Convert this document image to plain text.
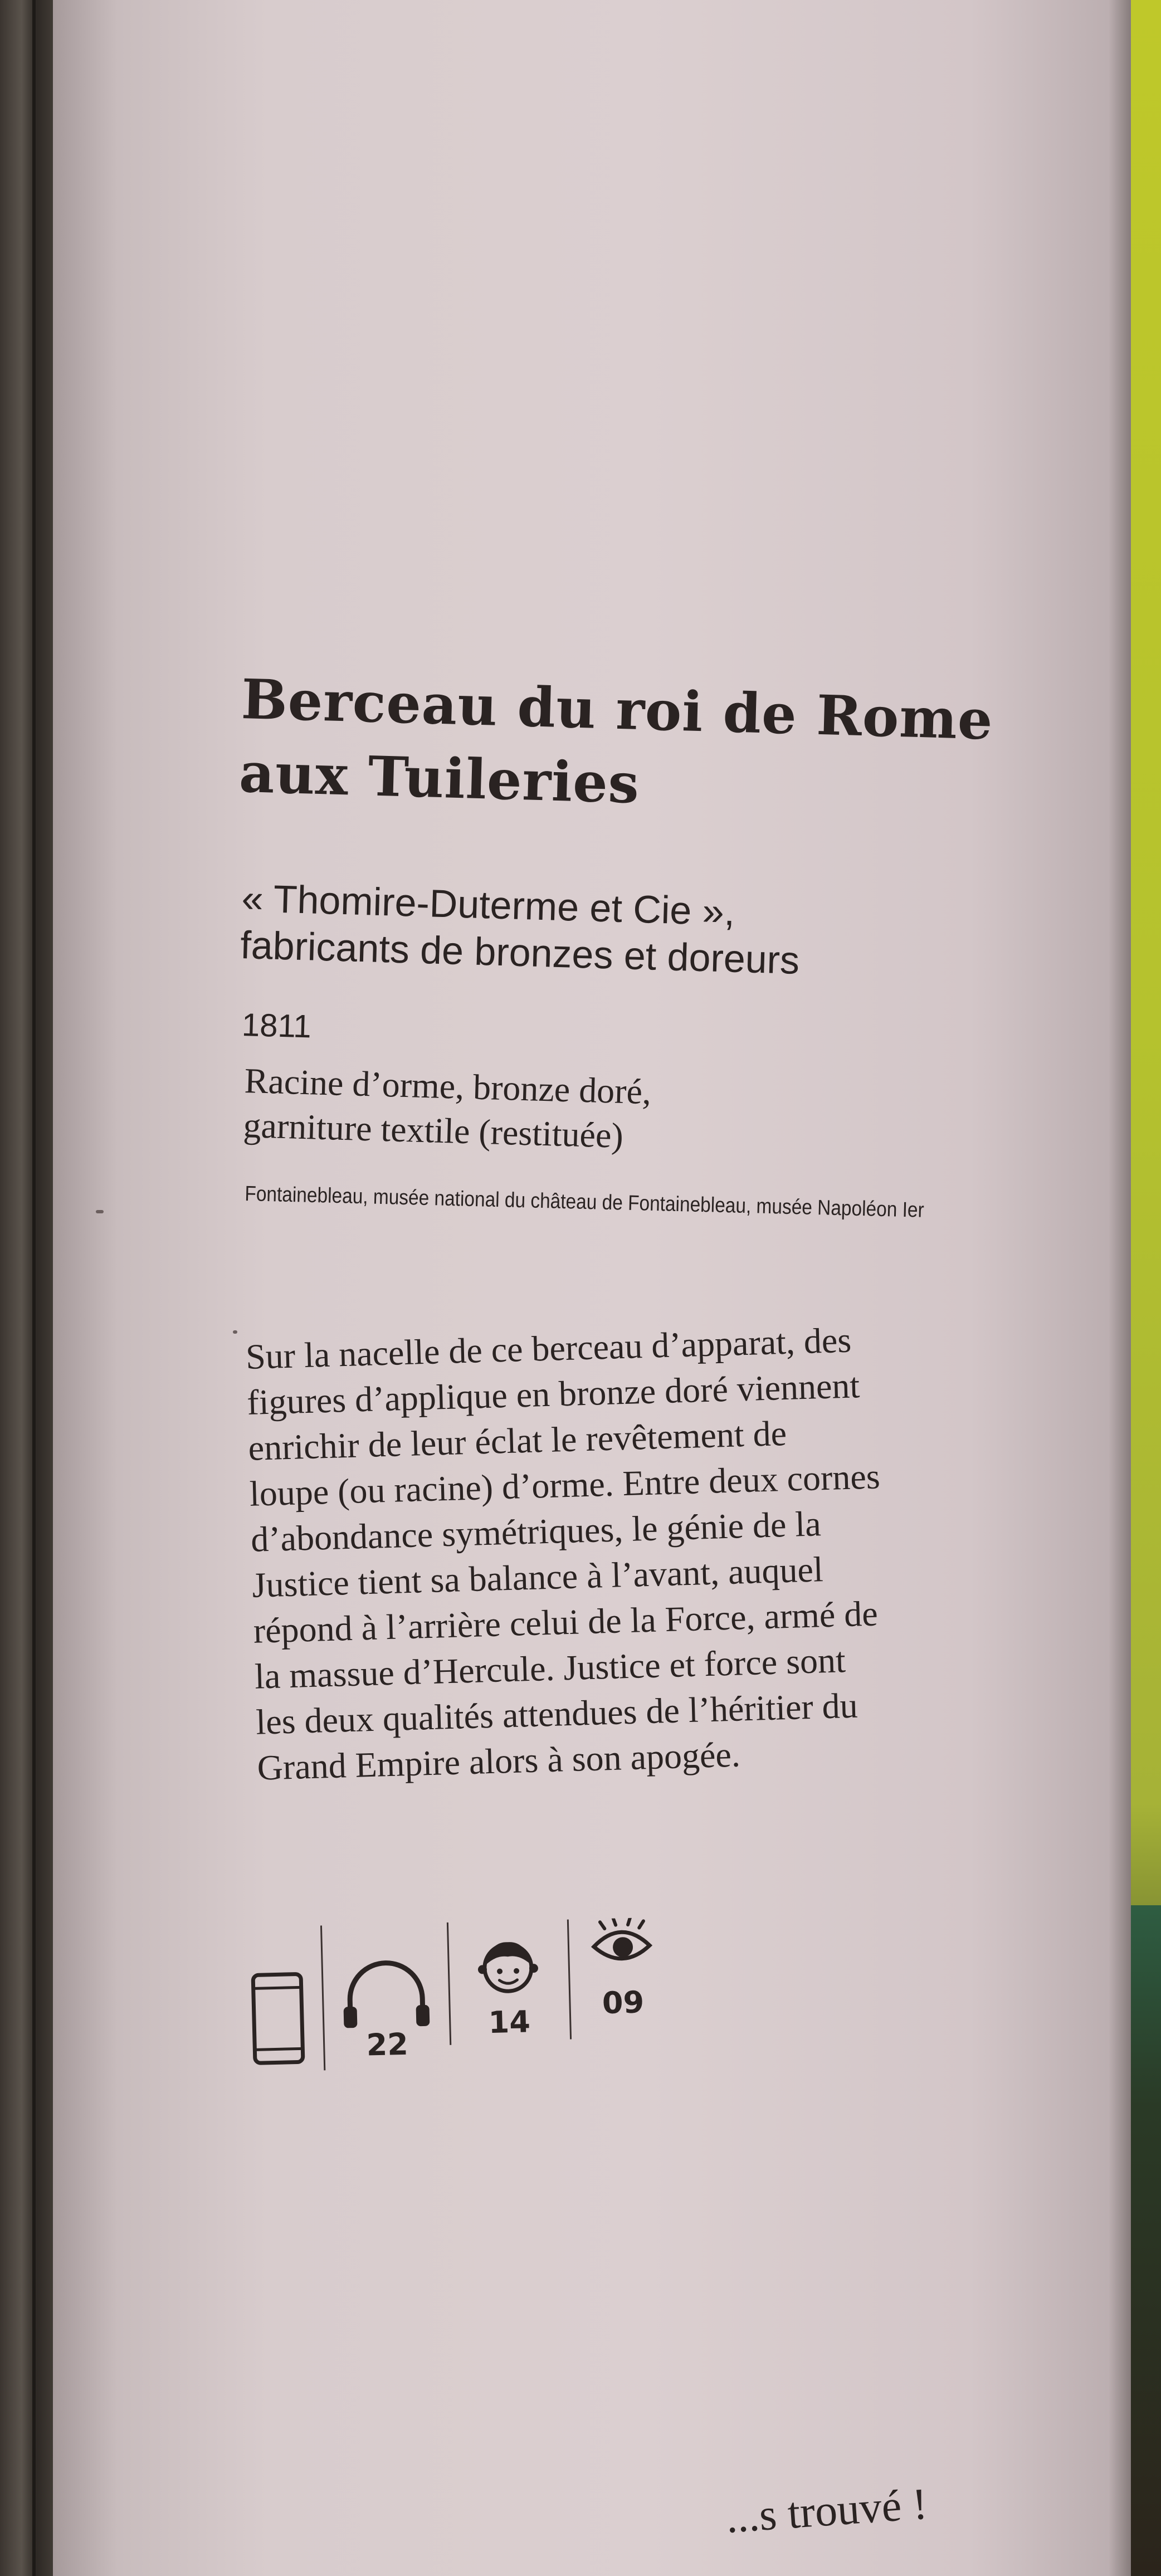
Berceau du roi de Rome
aux Tuileries
« Thomire-Duterme et Cie »,
fabricants de bronzes et doreurs
1811
Racine d’orme, bronze doré,
garniture textile (restituée)
Fontainebleau, musée national du château de Fontainebleau, musée Napoléon Ier
Sur la nacelle de ce berceau d’apparat, des
figures d’applique en bronze doré viennent
enrichir de leur éclat le revêtement de
loupe (ou racine) d’orme. Entre deux cornes
d’abondance symétriques, le génie de la
Justice tient sa balance à l’avant, auquel
répond à l’arrière celui de la Force, armé de
la massue d’Hercule. Justice et force sont
les deux qualités attendues de l’héritier du
Grand Empire alors à son apogée.
22
14
09
...s trouvé !
